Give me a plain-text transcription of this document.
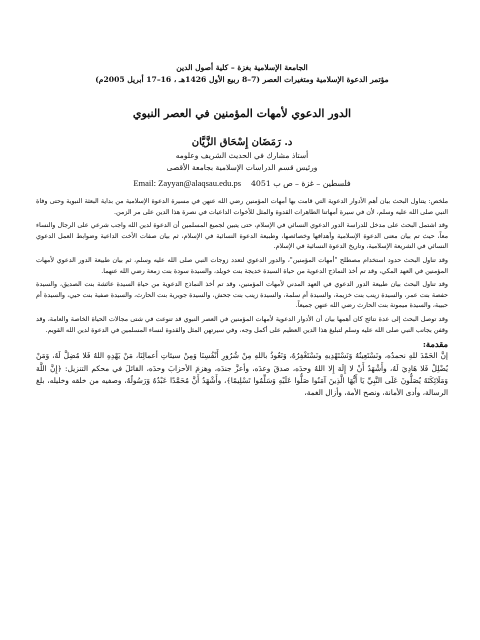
الجامعة الإسلامية بغزة – كلية أصول الدين
مؤتمر الدعوة الإسلامية ومتغيرات العصر (7–8 ربيع الأول 1426هـ ، 16–17 أبريل 2005م)
الدور الدعوي لأمهات المؤمنين في العصر النبوي
د. رَمَضَان إِسْحَاق الزَّيَّان
أستاذ مشارك في الحديث الشريف وعلومه
ورئيس قسم الدراسات الإسلامية بجامعة الأقصى
فلسطين – غزة – ص ب 4051    Email: Zayyan@alaqsau.edu.ps

ملخص: يتناول البحث بيان أهم الأدوار الدعوية التي قامت بها أمهات المؤمنين رضي الله عنهن في مسيرة الدعوة الإسلامية من بداية البعثة النبوية وحتى وفاة النبي صلى الله عليه وسلم، لأن في سيرة أمهاتنا الطاهرات القدوة والمثل للأخوات الداعيات في نصرة هذا الدين على مر الزمن.

وقد اشتمل البحث على مدخل للدراسة الدور الدعوي النسائي في الإسلام، حتى يتبين لجميع المسلمين أن الدعوة لدين الله واجب شرعي على الرجال والنساء معاً، حيث تم بيان معنى الدعوة الإسلامية وأهدافها وخصائصها، وطبيعة الدعوة النسائية في الإسلام، ثم بيان صفات الأخت الداعية وضوابط العمل الدعوي النسائي في الشريعة الإسلامية، وتاريخ الدعوة النسائية في الإسلام.

وقد تناول البحث حدود استخدام مصطلح "أمهات المؤمنين"، والدور الدعوي لتعدد زوجات النبي صلى الله عليه وسلم، ثم بيان طبيعة الدور الدعوي لأمهات المؤمنين في العهد المكي، وقد تم أخذ النماذج الدعوية من حياة السيدة خديجة بنت خويلد، والسيدة سودة بنت زمعة رضي الله عنهما.

وقد تناول البحث بيان طبيعة الدور الدعوي في العهد المدني لأمهات المؤمنين، وقد تم أخذ النماذج الدعوية من حياة السيدة عائشة بنت الصديق، والسيدة حفصة بنت عمر، والسيدة زينب بنت خزيمة، والسيدة أم سلمة، والسيدة زينب بنت جحش، والسيدة جويرية بنت الحارث، والسيدة صفية بنت حيي، والسيدة أم حبيبة، والسيدة ميمونة بنت الحارث رضي الله عنهن جميعاً.

وقد توصل البحث إلى عدة نتائج كان أهمها بيان أن الأدوار الدعوية لأمهات المؤمنين في العصر النبوي قد تنوعت في شتى مجالات الحياة الخاصة والعامة، وقد وقفن بجانب النبي صلى الله عليه وسلم لتبليغ هذا الدين العظيم على أكمل وجه، وفي سيرتهن المثل والقدوة لنساء المسلمين في الدعوة لدين الله القويم.

مقدمة:

إنَّ الحَمْدَ للهِ نحمدُه، ونَسْتَعِينُهُ وَنَسْتَهْدِيهِ ونَسْتَغْفِرُهُ، وَنَعُوذُ باللهِ مِنْ شُرُورِ أَنْفُسِنَا وَمِنْ سيئاتِ أعمالِنَا، مَنْ يَهْدِهِ اللهُ فَلا مُضِلَّ لَهُ، وَمَنْ يُضْلِلْ فَلا هَادِيَ لَهُ، وأَشْهَدُ أَنْ لا إِلَهَ إِلا اللهُ وحدَه، صدقَ وعدَه، وأعزَّ جندَه، وهزمَ الأحزابَ وحدَه، القائلَ في محكم التنزيل: ﴿إِنَّ اللَّهَ وَمَلَائِكَتَهُ يُصَلُّونَ عَلَى النَّبِيِّ يَا أَيُّهَا الَّذِينَ آمَنُوا صَلُّوا عَلَيْهِ وَسَلِّمُوا تَسْلِيمًا﴾، وأَشْهَدُ أَنَّ مُحَمَّدًا عَبْدُهُ وَرَسُولُهُ، وصفيه من خلقه وخليله، بلغ الرسالة، وأدى الأمانة، ونصح الأمة، وأزال الغمة،
